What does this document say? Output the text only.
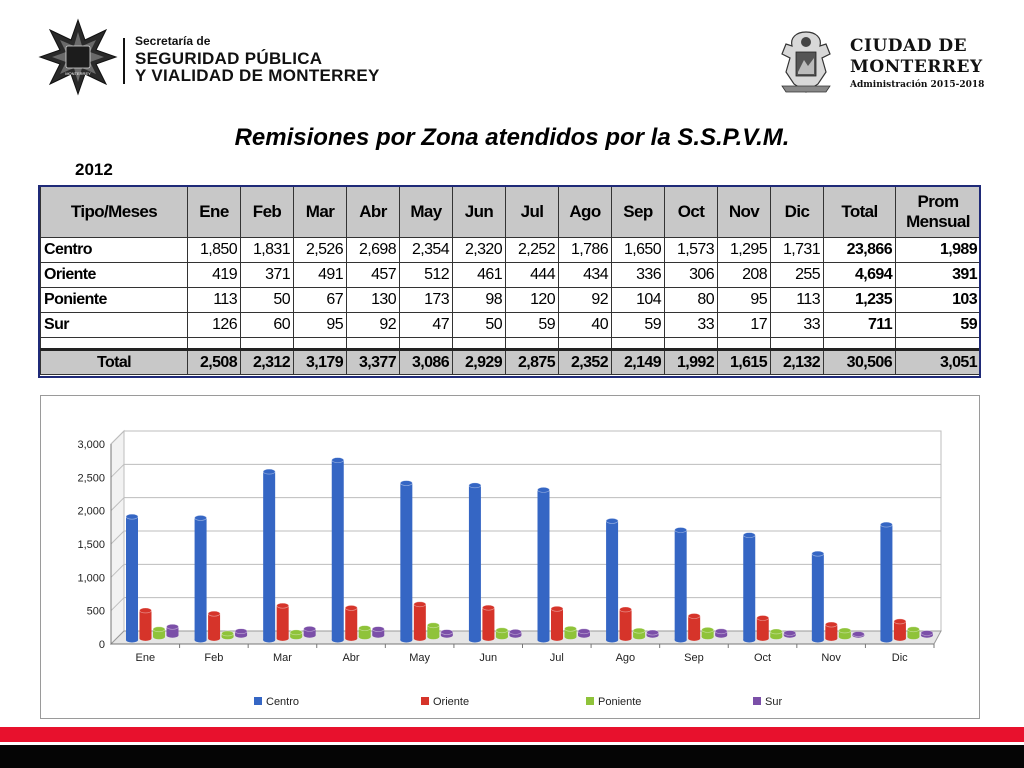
MONTERREY
Secretaría de
SEGURIDAD PÚBLICA
Y VIALIDAD DE MONTERREY
CIUDAD DE
MONTERREY
Administración 2015-2018
Remisiones por Zona atendidos por la S.S.P.V.M.
2012
Tipo/Meses	Ene	Feb	Mar	Abr	May	Jun	Jul	Ago	Sep	Oct	Nov	Dic	Total	Prom
Mensual
Centro	1,850	1,831	2,526	2,698	2,354	2,320	2,252	1,786	1,650	1,573	1,295	1,731	23,866	1,989
Oriente	419	371	491	457	512	461	444	434	336	306	208	255	4,694	391
Poniente	113	50	67	130	173	98	120	92	104	80	95	113	1,235	103
Sur	126	60	95	92	47	50	59	40	59	33	17	33	711	59

Total	2,508	2,312	3,179	3,377	3,086	2,929	2,875	2,352	2,149	1,992	1,615	2,132	30,506	3,051
0
500
1,000
1,500
2,000
2,500
3,000
Ene	Feb	Mar	Abr	May	Jun	Jul	Ago	Sep	Oct	Nov	Dic
Centro	Oriente	Poniente	Sur
